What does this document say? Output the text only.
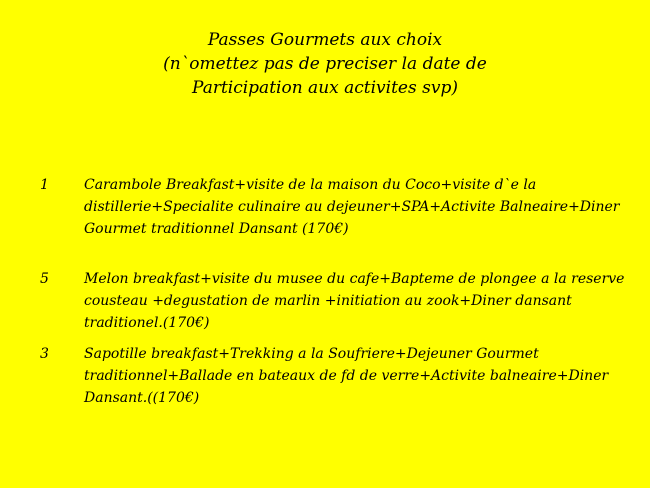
Passes Gourmets aux choix
(n`omettez pas de preciser la date de
Participation aux activites svp)
1	Carambole Breakfast+visite de la maison du Coco+visite d`e la distillerie+Specialite culinaire au dejeuner+SPA+Activite Balneaire+Diner Gourmet traditionnel Dansant (170€)
5	Melon breakfast+visite du musee du cafe+Bapteme de plongee a la reserve cousteau +degustation de marlin +initiation au zook+Diner dansant traditionel.(170€)
3	Sapotille breakfast+Trekking a la Soufriere+Dejeuner Gourmet traditionnel+Ballade en bateaux de fd de verre+Activite balneaire+Diner Dansant.((170€)
